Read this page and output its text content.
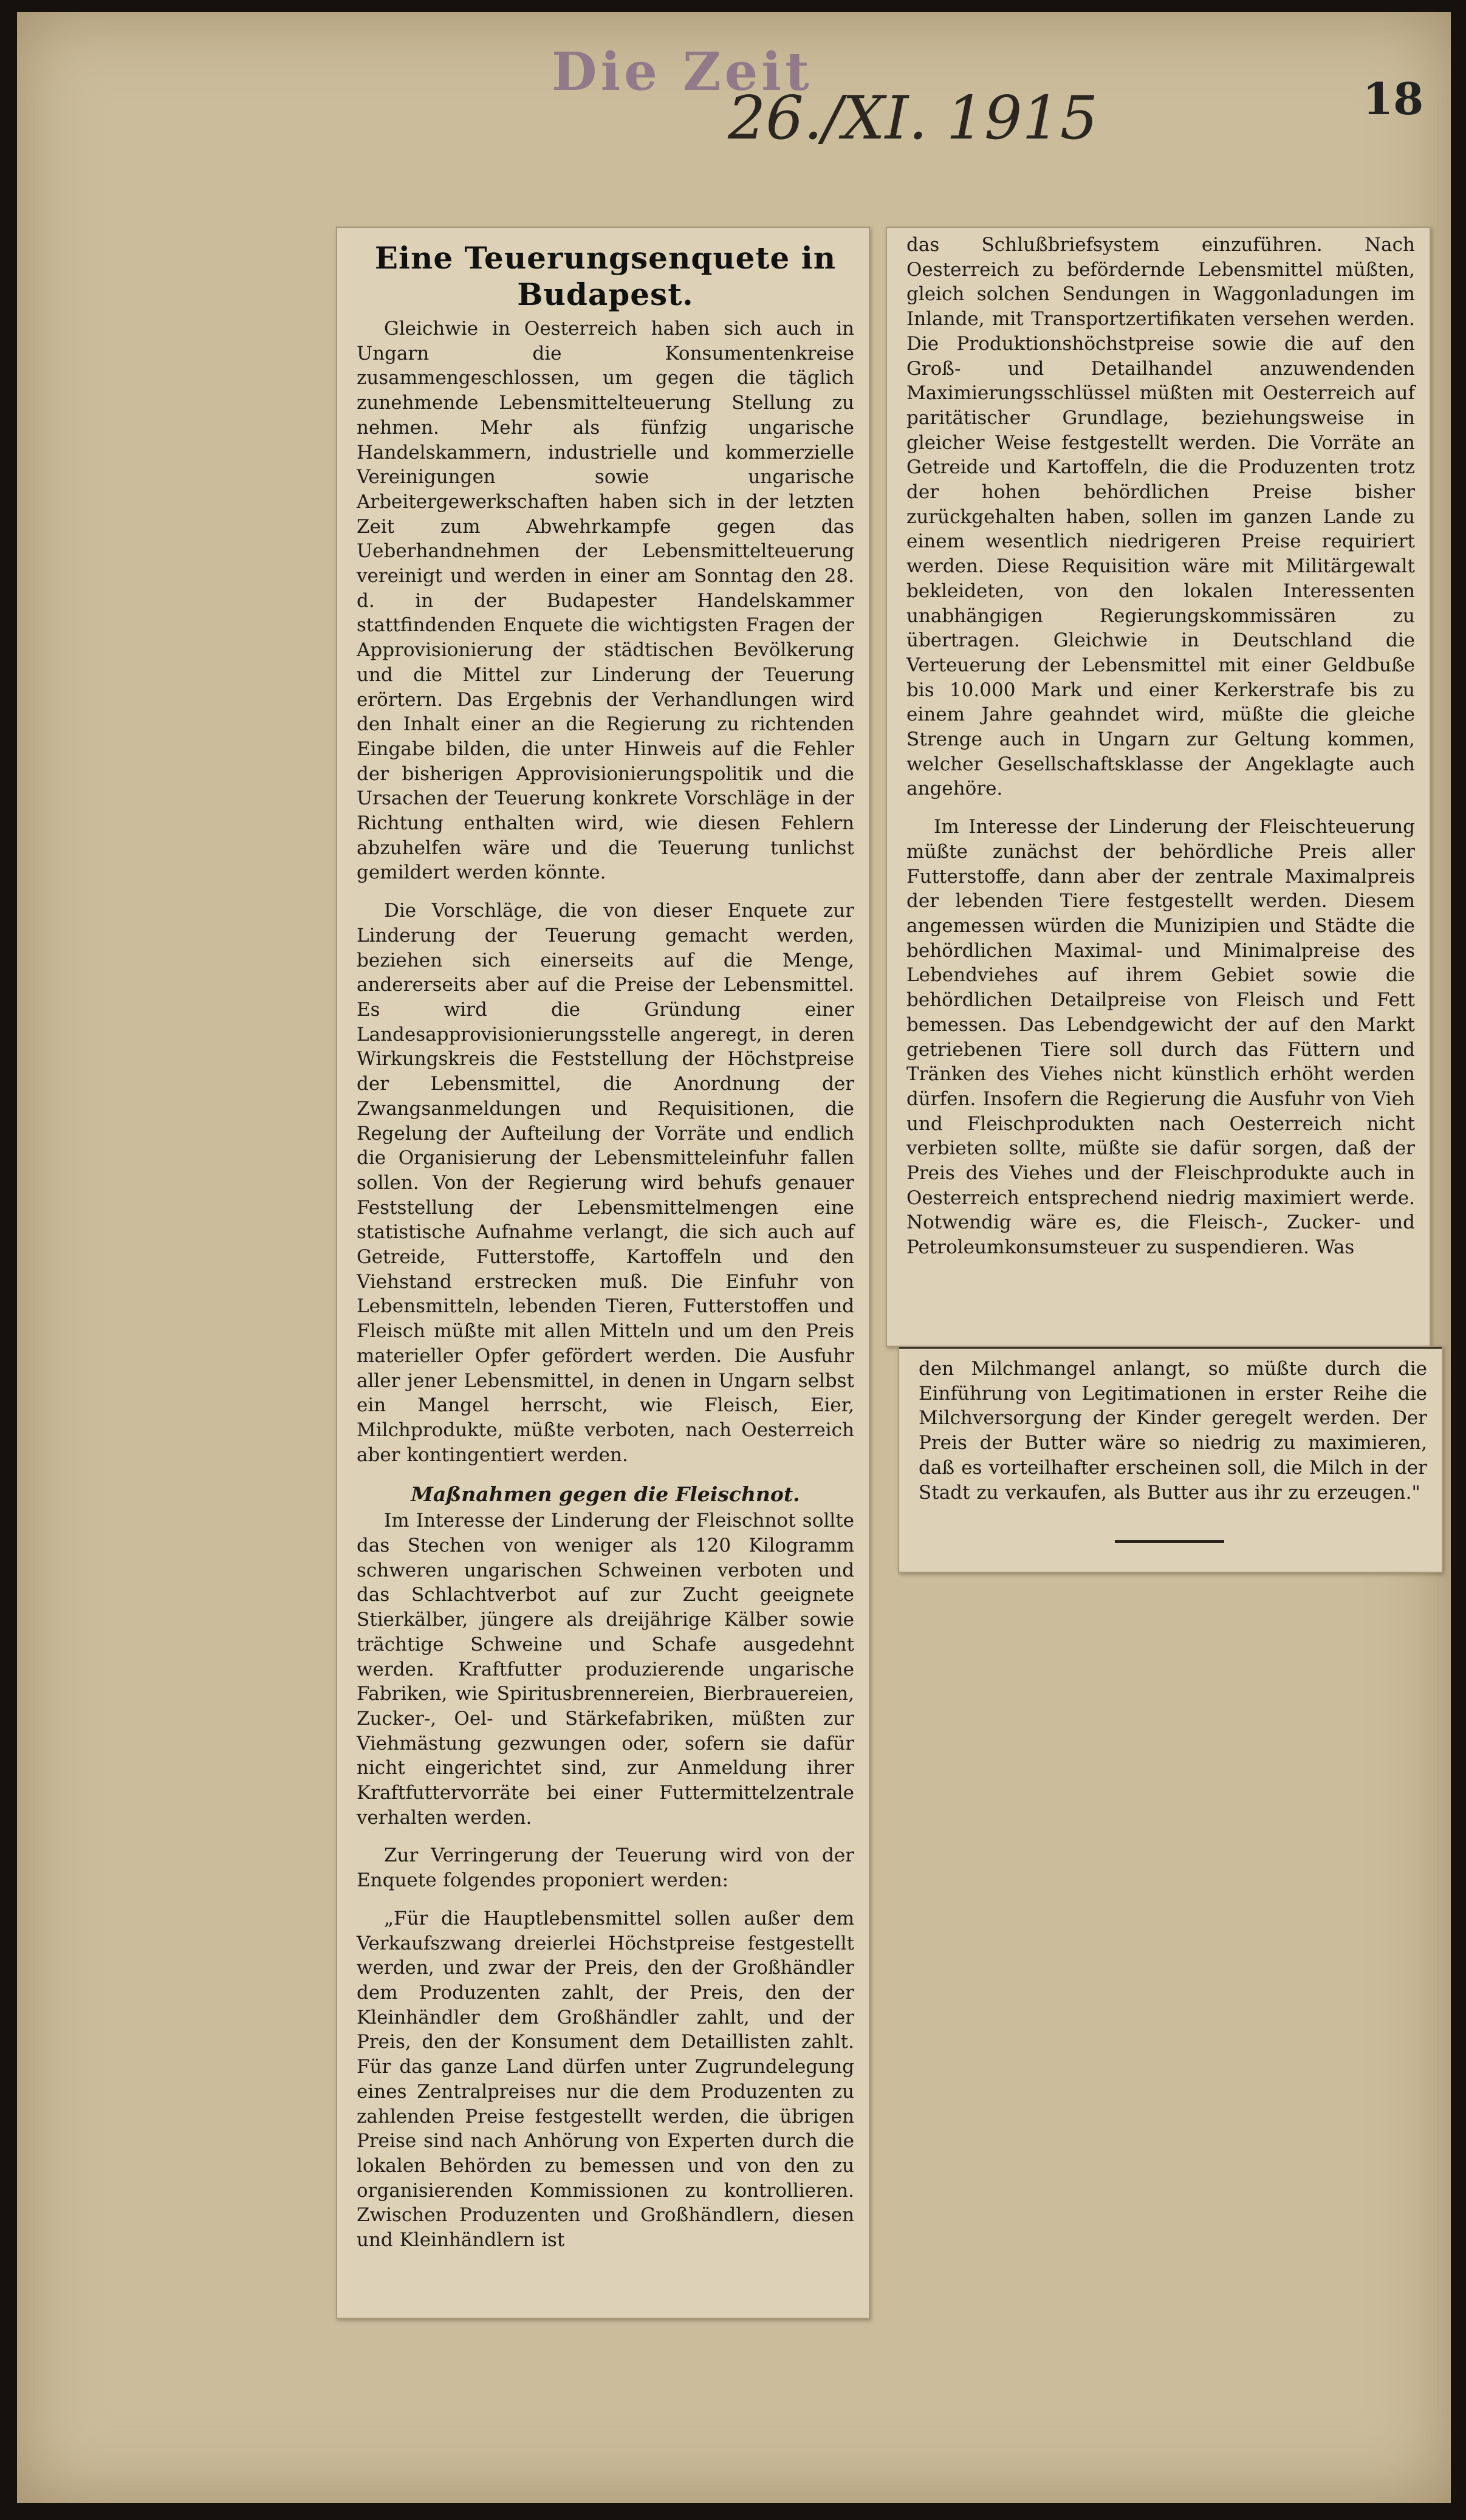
Die Zeit
26./XI. 1915	18
Eine Teuerungsenquete in Budapest.

Gleichwie in Oesterreich haben sich auch in Ungarn die Konsumentenkreise zusammengeschlossen, um gegen die täglich zunehmende Lebensmittelteuerung Stellung zu nehmen. Mehr als fünfzig ungarische Handelskammern, industrielle und kommerzielle Vereinigungen sowie ungarische Arbeitergewerkschaften haben sich in der letzten Zeit zum Abwehrkampfe gegen das Ueberhandnehmen der Lebensmittelteuerung vereinigt und werden in einer am Sonntag den 28. d. in der Budapester Handelskammer stattfindenden Enquete die wichtigsten Fragen der Approvisionierung der städtischen Bevölkerung und die Mittel zur Linderung der Teuerung erörtern. Das Ergebnis der Verhandlungen wird den Inhalt einer an die Regierung zu richtenden Eingabe bilden, die unter Hinweis auf die Fehler der bisherigen Approvisionierungspolitik und die Ursachen der Teuerung konkrete Vorschläge in der Richtung enthalten wird, wie diesen Fehlern abzuhelfen wäre und die Teuerung tunlichst gemildert werden könnte.

Die Vorschläge, die von dieser Enquete zur Linderung der Teuerung gemacht werden, beziehen sich einerseits auf die Menge, andererseits aber auf die Preise der Lebensmittel. Es wird die Gründung einer Landesapprovisionierungsstelle angeregt, in deren Wirkungskreis die Feststellung der Höchstpreise der Lebensmittel, die Anordnung der Zwangsanmeldungen und Requisitionen, die Regelung der Aufteilung der Vorräte und endlich die Organisierung der Lebensmitteleinfuhr fallen sollen. Von der Regierung wird behufs genauer Feststellung der Lebensmittelmengen eine statistische Aufnahme verlangt, die sich auch auf Getreide, Futterstoffe, Kartoffeln und den Viehstand erstrecken muß. Die Einfuhr von Lebensmitteln, lebenden Tieren, Futterstoffen und Fleisch müßte mit allen Mitteln und um den Preis materieller Opfer gefördert werden. Die Ausfuhr aller jener Lebensmittel, in denen in Ungarn selbst ein Mangel herrscht, wie Fleisch, Eier, Milchprodukte, müßte verboten, nach Oesterreich aber kontingentiert werden.

Maßnahmen gegen die Fleischnot.

Im Interesse der Linderung der Fleischnot sollte das Stechen von weniger als 120 Kilogramm schweren ungarischen Schweinen verboten und das Schlachtverbot auf zur Zucht geeignete Stierkälber, jüngere als dreijährige Kälber sowie trächtige Schweine und Schafe ausgedehnt werden. Kraftfutter produzierende ungarische Fabriken, wie Spiritusbrennereien, Bierbrauereien, Zucker-, Oel- und Stärkefabriken, müßten zur Viehmästung gezwungen oder, sofern sie dafür nicht eingerichtet sind, zur Anmeldung ihrer Kraftfuttervorräte bei einer Futtermittelzentrale verhalten werden.

Zur Verringerung der Teuerung wird von der Enquete folgendes proponiert werden:

„Für die Hauptlebensmittel sollen außer dem Verkaufszwang dreierlei Höchstpreise festgestellt werden, und zwar der Preis, den der Großhändler dem Produzenten zahlt, der Preis, den der Kleinhändler dem Großhändler zahlt, und der Preis, den der Konsument dem Detaillisten zahlt. Für das ganze Land dürfen unter Zugrundelegung eines Zentralpreises nur die dem Produzenten zu zahlenden Preise festgestellt werden, die übrigen Preise sind nach Anhörung von Experten durch die lokalen Behörden zu bemessen und von den zu organisierenden Kommissionen zu kontrollieren. Zwischen Produzenten und Großhändlern, diesen und Kleinhändlern ist

das Schlußbriefsystem einzuführen. Nach Oesterreich zu befördernde Lebensmittel müßten, gleich solchen Sendungen in Waggonladungen im Inlande, mit Transportzertifikaten versehen werden. Die Produktionshöchstpreise sowie die auf den Groß- und Detailhandel anzuwendenden Maximierungsschlüssel müßten mit Oesterreich auf paritätischer Grundlage, beziehungsweise in gleicher Weise festgestellt werden. Die Vorräte an Getreide und Kartoffeln, die die Produzenten trotz der hohen behördlichen Preise bisher zurückgehalten haben, sollen im ganzen Lande zu einem wesentlich niedrigeren Preise requiriert werden. Diese Requisition wäre mit Militärgewalt bekleideten, von den lokalen Interessenten unabhängigen Regierungskommissären zu übertragen. Gleichwie in Deutschland die Verteuerung der Lebensmittel mit einer Geldbuße bis 10.000 Mark und einer Kerkerstrafe bis zu einem Jahre geahndet wird, müßte die gleiche Strenge auch in Ungarn zur Geltung kommen, welcher Gesellschaftsklasse der Angeklagte auch angehöre.

Im Interesse der Linderung der Fleischteuerung müßte zunächst der behördliche Preis aller Futterstoffe, dann aber der zentrale Maximalpreis der lebenden Tiere festgestellt werden. Diesem angemessen würden die Munizipien und Städte die behördlichen Maximal- und Minimalpreise des Lebendviehes auf ihrem Gebiet sowie die behördlichen Detailpreise von Fleisch und Fett bemessen. Das Lebendgewicht der auf den Markt getriebenen Tiere soll durch das Füttern und Tränken des Viehes nicht künstlich erhöht werden dürfen. Insofern die Regierung die Ausfuhr von Vieh und Fleischprodukten nach Oesterreich nicht verbieten sollte, müßte sie dafür sorgen, daß der Preis des Viehes und der Fleischprodukte auch in Oesterreich entsprechend niedrig maximiert werde. Notwendig wäre es, die Fleisch-, Zucker- und Petroleumkonsumsteuer zu suspendieren. Was

den Milchmangel anlangt, so müßte durch die Einführung von Legitimationen in erster Reihe die Milchversorgung der Kinder geregelt werden. Der Preis der Butter wäre so niedrig zu maximieren, daß es vorteilhafter erscheinen soll, die Milch in der Stadt zu verkaufen, als Butter aus ihr zu erzeugen."
